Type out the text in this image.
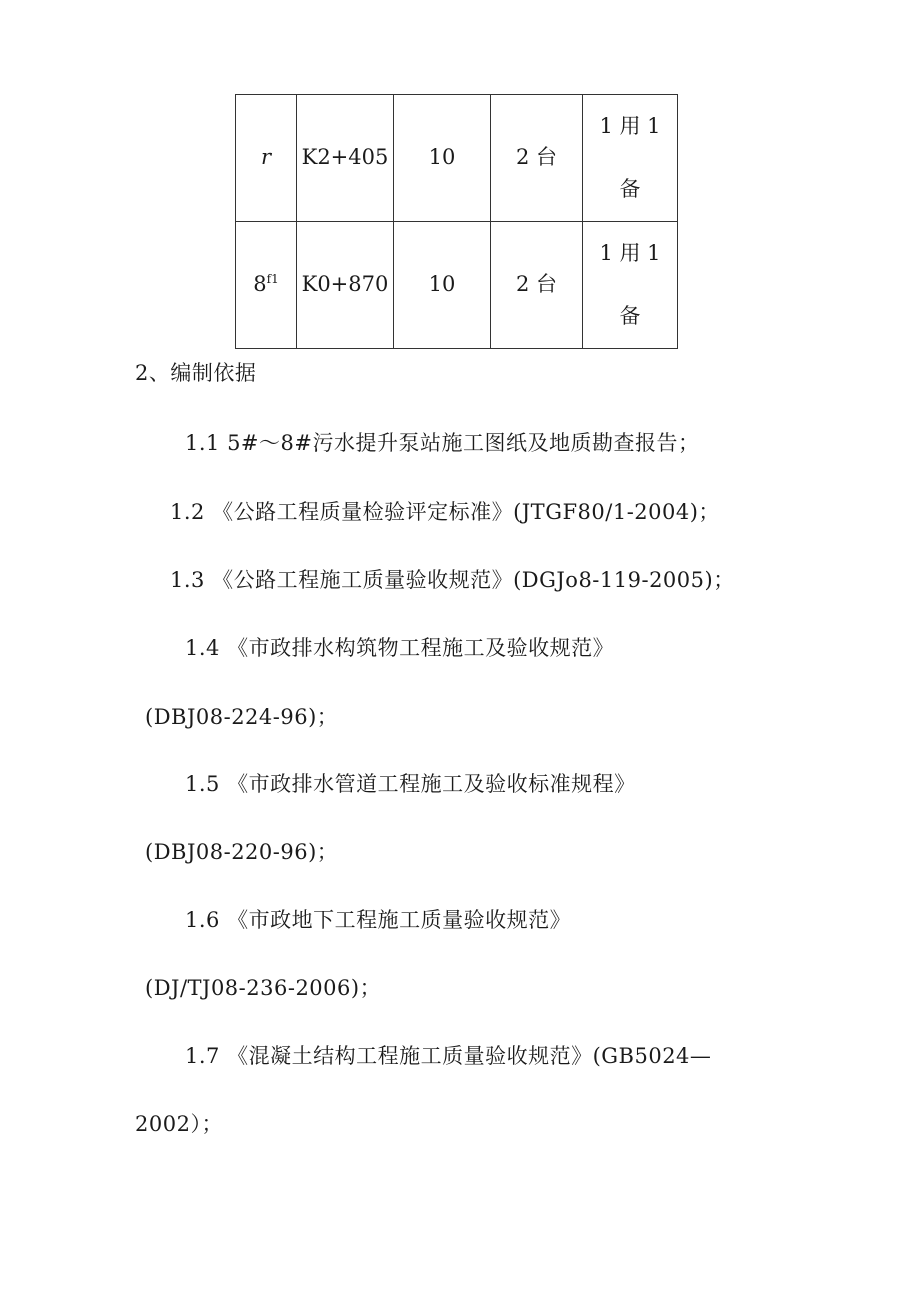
r	K2+405	10	2 台	1 用 1
备

$8^{f1}$	K0+870	10	2 台	1 用 1
备
2、编制依据
1.1 5#～8#污水提升泵站施工图纸及地质勘查报告；
1.2 《公路工程质量检验评定标准》(JTGF80/1-2004)；
1.3 《公路工程施工质量验收规范》(DGJo8-119-2005)；
1.4 《市政排水构筑物工程施工及验收规范》
(DBJ08-224-96)；
1.5 《市政排水管道工程施工及验收标准规程》
(DBJ08-220-96)；
1.6 《市政地下工程施工质量验收规范》
(DJ/TJ08-236-2006)；
1.7 《混凝土结构工程施工质量验收规范》(GB5024—
2002）；
